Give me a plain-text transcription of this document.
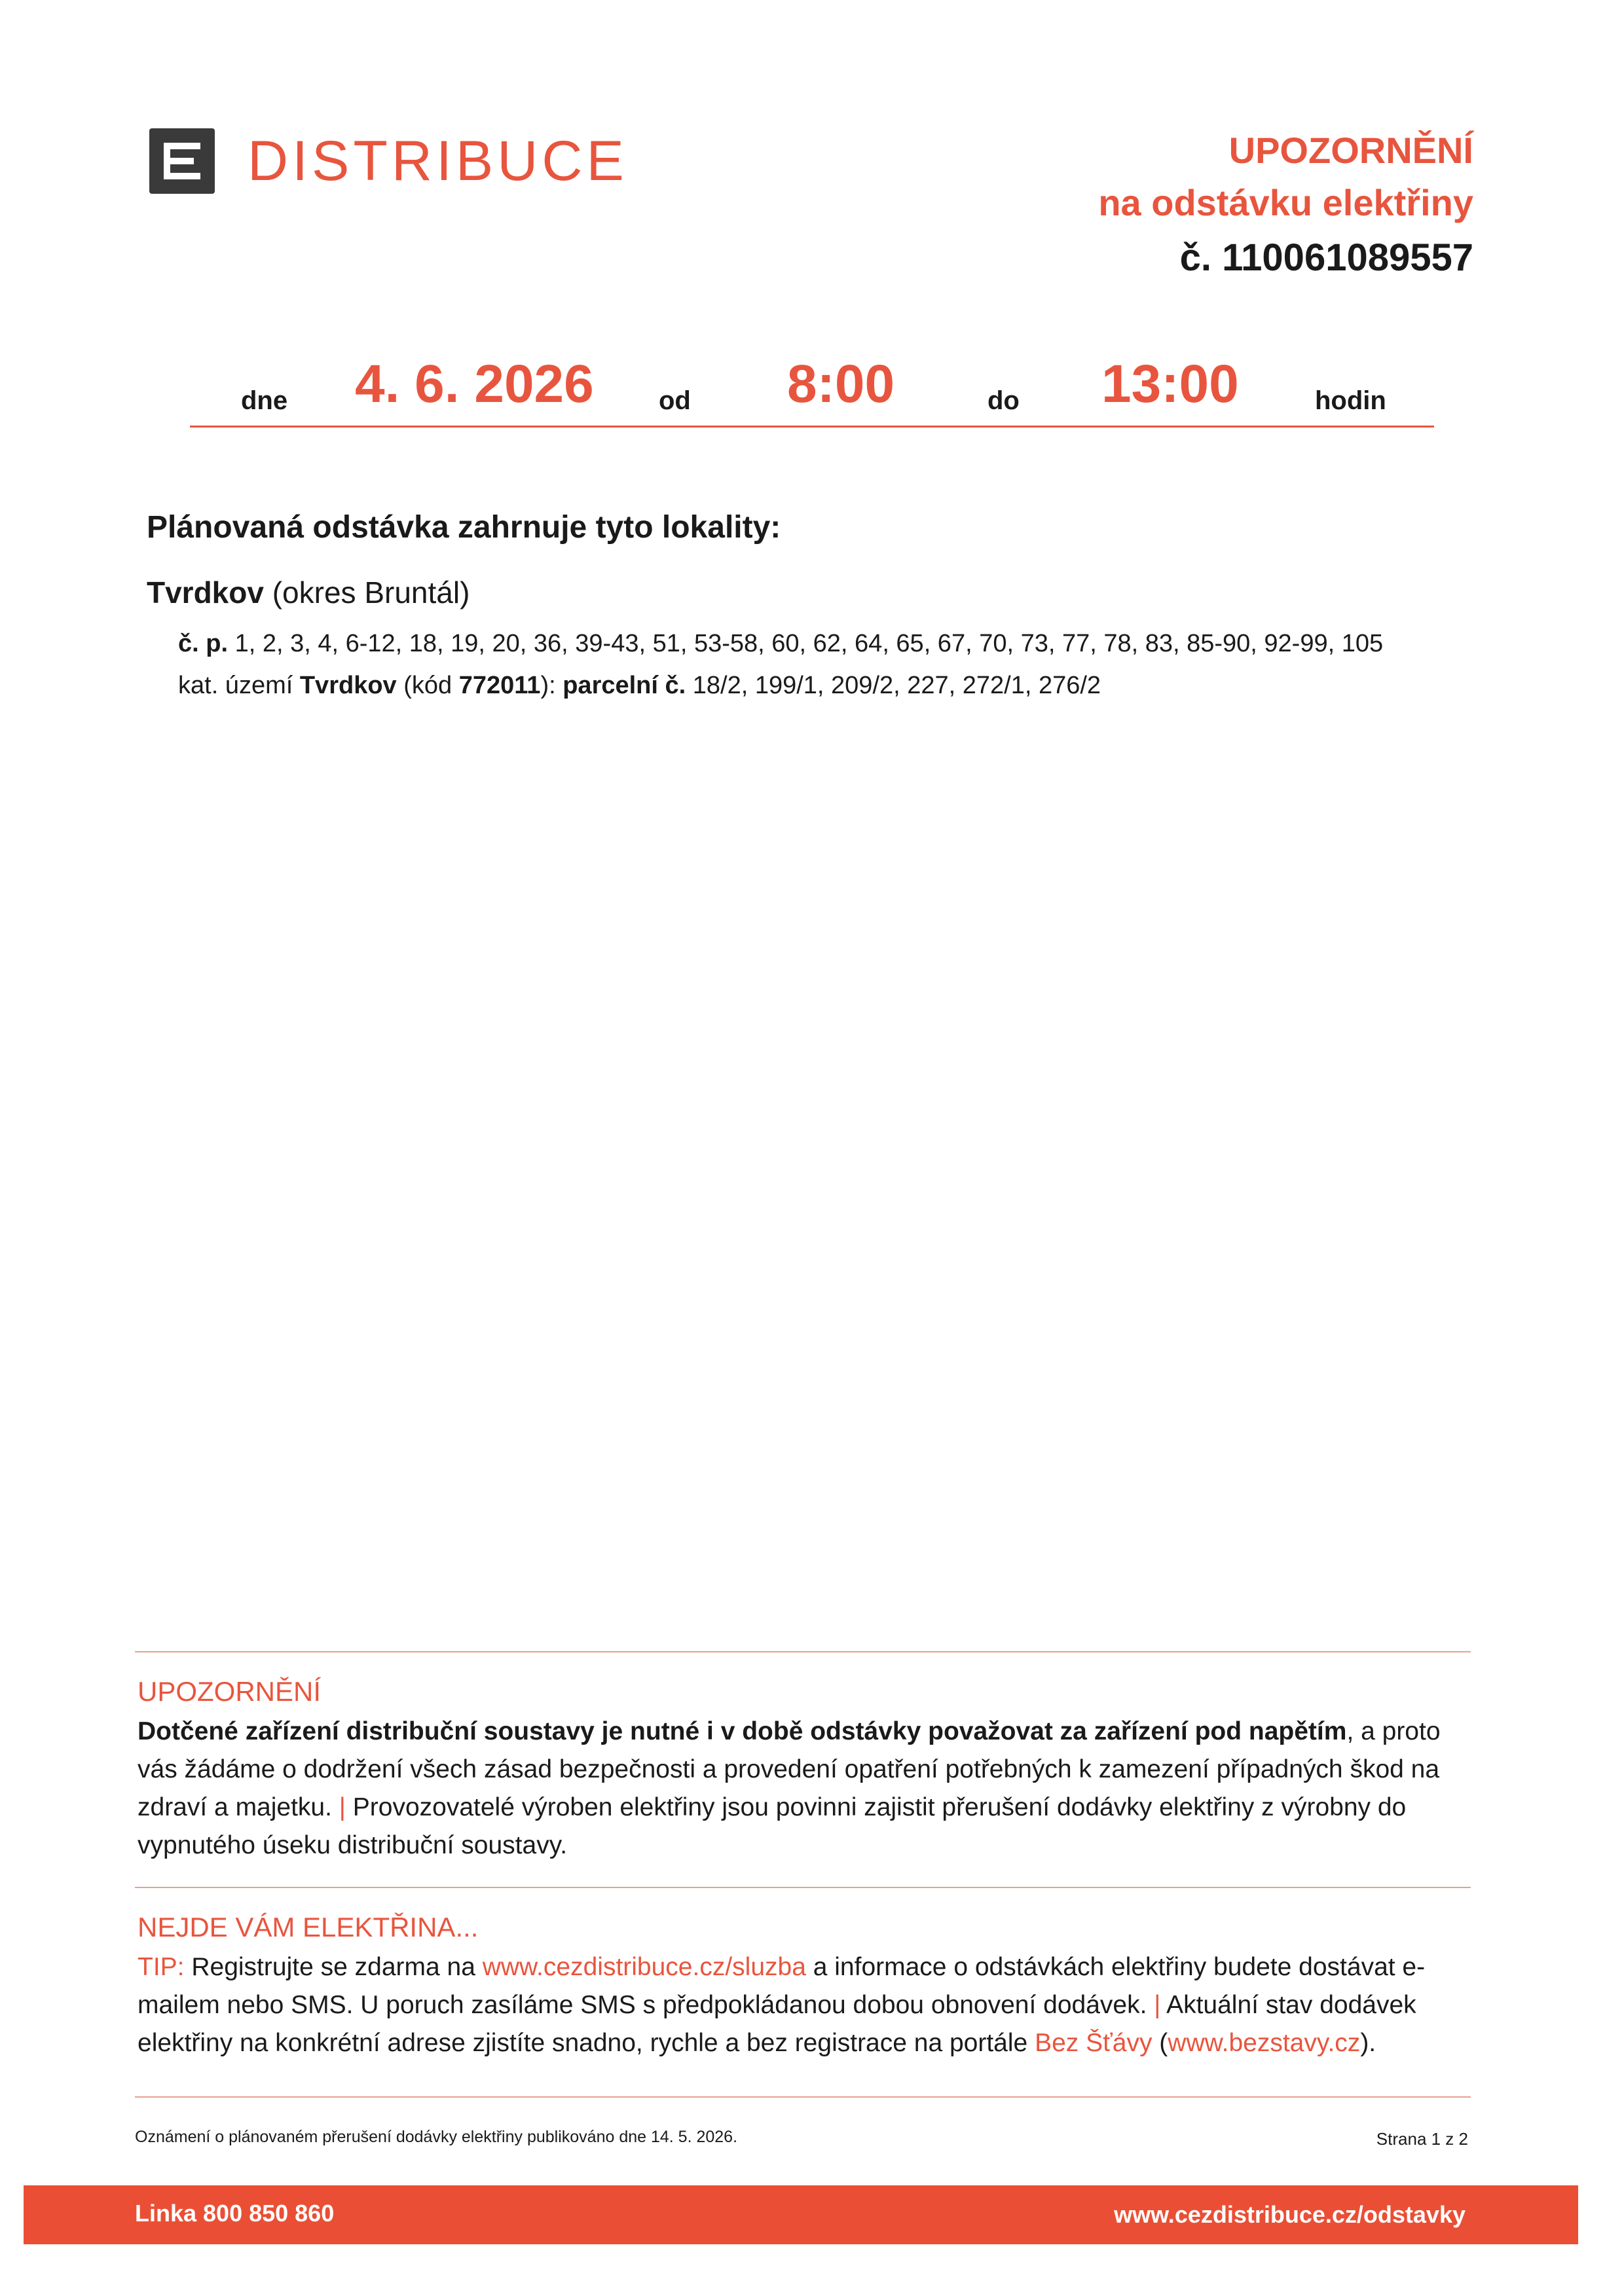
DISTRIBUCE	UPOZORNĚNÍ
na odstávku elektřiny
č. 110061089557
dne 4. 6. 2026 od 8:00	do 13:00	hodin
Plánovaná odstávka zahrnuje tyto lokality:
Tvrdkov (okres Bruntál)
č. p. 1, 2, 3, 4, 6-12, 18, 19, 20, 36, 39-43, 51, 53-58, 60, 62, 64, 65, 67, 70, 73, 77, 78, 83, 85-90, 92-99, 105
kat. území Tvrdkov (kód 772011): parcelní č. 18/2, 199/1, 209/2, 227, 272/1, 276/2
UPOZORNĚNÍ
Dotčené zařízení distribuční soustavy je nutné i v době odstávky považovat za zařízení pod napětím, a proto vás žádáme o dodržení všech zásad bezpečnosti a provedení opatření potřebných k zamezení případných škod na zdraví a majetku. | Provozovatelé výroben elektřiny jsou povinni zajistit přerušení dodávky elektřiny z výrobny do vypnutého úseku distribuční soustavy.
NEJDE VÁM ELEKTŘINA...
TIP: Registrujte se zdarma na www.cezdistribuce.cz/sluzba a informace o odstávkách elektřiny budete dostávat e-mailem nebo SMS. U poruch zasíláme SMS s předpokládanou dobou obnovení dodávek. | Aktuální stav dodávek elektřiny na konkrétní adrese zjistíte snadno, rychle a bez registrace na portále Bez Šťávy (www.bezstavy.cz).
Oznámení o plánovaném přerušení dodávky elektřiny publikováno dne 14. 5. 2026.	Strana 1 z 2
Linka 800 850 860	www.cezdistribuce.cz/odstavky
